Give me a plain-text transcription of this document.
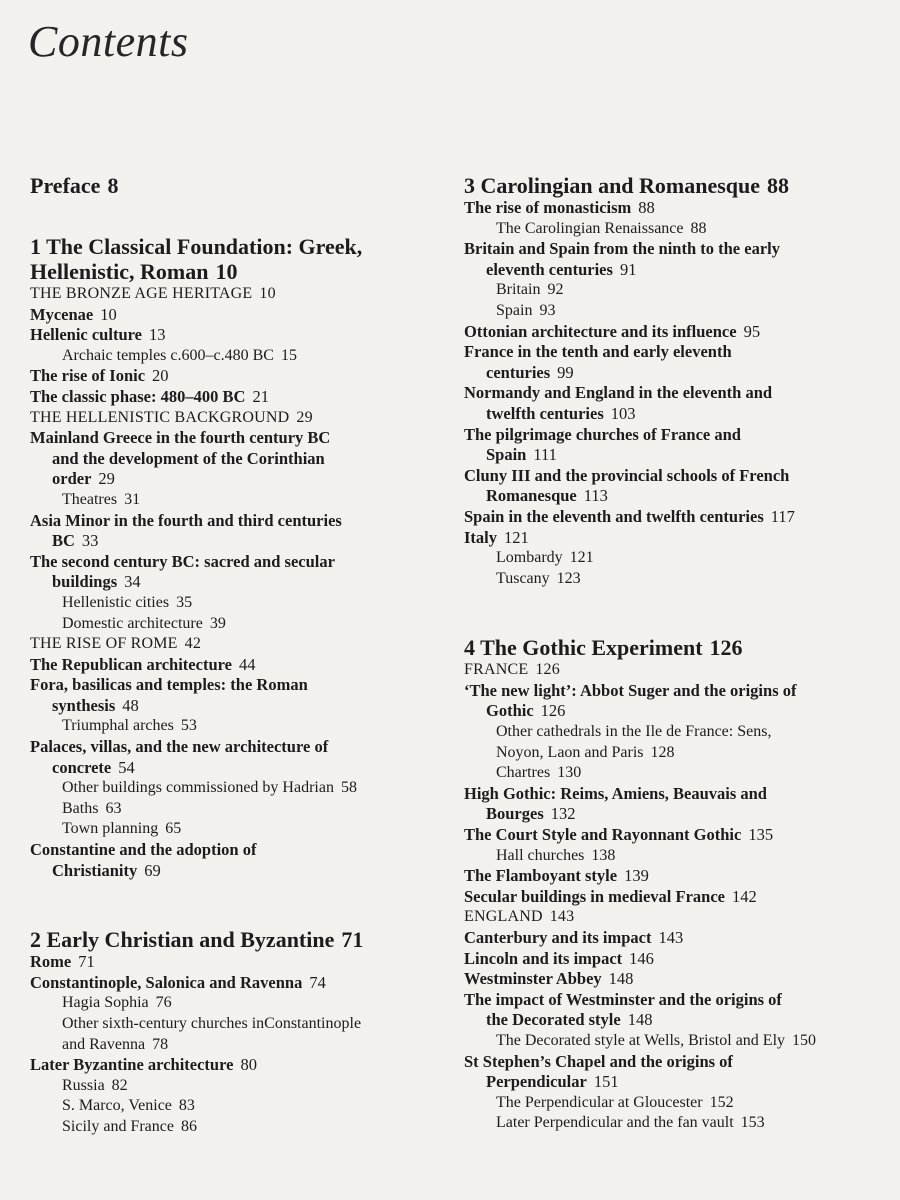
Contents
Preface 8
1 The Classical Foundation: Greek,
Hellenistic, Roman 10
THE BRONZE AGE HERITAGE 10
Mycenae 10
Hellenic culture 13
Archaic temples c.600–c.480 BC 15
The rise of Ionic 20
The classic phase: 480–400 BC 21
THE HELLENISTIC BACKGROUND 29
Mainland Greece in the fourth century BC
and the development of the Corinthian
order 29
Theatres 31
Asia Minor in the fourth and third centuries
BC 33
The second century BC: sacred and secular
buildings 34
Hellenistic cities 35
Domestic architecture 39
THE RISE OF ROME 42
The Republican architecture 44
Fora, basilicas and temples: the Roman
synthesis 48
Triumphal arches 53
Palaces, villas, and the new architecture of
concrete 54
Other buildings commissioned by Hadrian 58
Baths 63
Town planning 65
Constantine and the adoption of
Christianity 69
2 Early Christian and Byzantine 71
Rome 71
Constantinople, Salonica and Ravenna 74
Hagia Sophia 76
Other sixth-century churches inConstantinople
and Ravenna 78
Later Byzantine architecture 80
Russia 82
S. Marco, Venice 83
Sicily and France 86
3 Carolingian and Romanesque 88
The rise of monasticism 88
The Carolingian Renaissance 88
Britain and Spain from the ninth to the early
eleventh centuries 91
Britain 92
Spain 93
Ottonian architecture and its influence 95
France in the tenth and early eleventh
centuries 99
Normandy and England in the eleventh and
twelfth centuries 103
The pilgrimage churches of France and
Spain 111
Cluny III and the provincial schools of French
Romanesque 113
Spain in the eleventh and twelfth centuries 117
Italy 121
Lombardy 121
Tuscany 123
4 The Gothic Experiment 126
FRANCE 126
‘The new light’: Abbot Suger and the origins of
Gothic 126
Other cathedrals in the Ile de France: Sens,
Noyon, Laon and Paris 128
Chartres 130
High Gothic: Reims, Amiens, Beauvais and
Bourges 132
The Court Style and Rayonnant Gothic 135
Hall churches 138
The Flamboyant style 139
Secular buildings in medieval France 142
ENGLAND 143
Canterbury and its impact 143
Lincoln and its impact 146
Westminster Abbey 148
The impact of Westminster and the origins of
the Decorated style 148
The Decorated style at Wells, Bristol and Ely 150
St Stephen’s Chapel and the origins of
Perpendicular 151
The Perpendicular at Gloucester 152
Later Perpendicular and the fan vault 153
